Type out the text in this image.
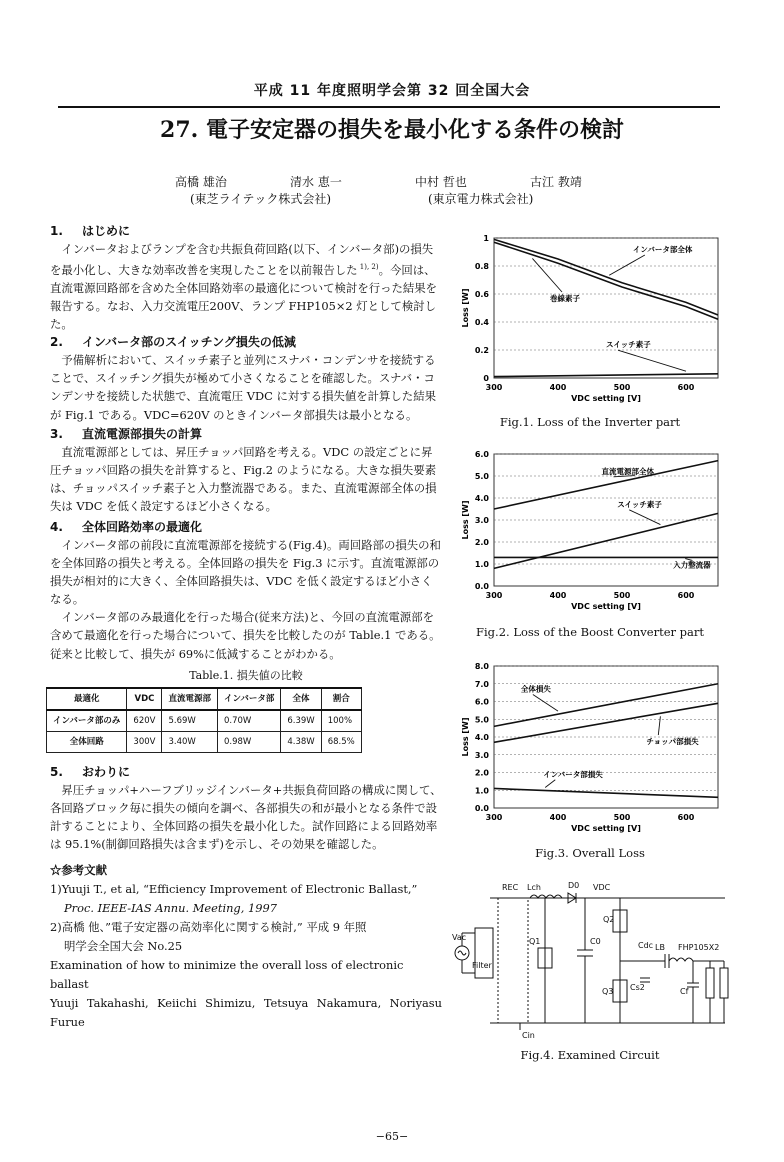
平成 11 年度照明学会第 32 回全国大会
27. 電子安定器の損失を最小化する条件の検討
高橋 雄治	清水 恵一	中村 哲也	古江 教靖
(東芝ライテック株式会社)	(東京電力株式会社)
1. はじめに

インバータおよびランプを含む共振負荷回路(以下、インバータ部)の損失を最小化し、大きな効率改善を実現したことを以前報告した $^{1), 2)}$。今回は、直流電源回路部を含めた全体回路効率の最適化について検討を行った結果を報告する。なお、入力交流電圧200V、ランプ FHP105×2 灯として検討した。

2. インバータ部のスイッチング損失の低減

予備解析において、スイッチ素子と並列にスナバ・コンデンサを接続することで、スイッチング損失が極めて小さくなることを確認した。スナバ・コンデンサを接続した状態で、直流電圧 VDC に対する損失値を計算した結果が Fig.1 である。VDC=620V のときインバータ部損失は最小となる。

3. 直流電源部損失の計算

直流電源部としては、昇圧チョッパ回路を考える。VDC の設定ごとに昇圧チョッパ回路の損失を計算すると、Fig.2 のようになる。大きな損失要素は、チョッパスイッチ素子と入力整流器である。また、直流電源部全体の損失は VDC を低く設定するほど小さくなる。

4. 全体回路効率の最適化

インバータ部の前段に直流電源部を接続する(Fig.4)。両回路部の損失の和を全体回路の損失と考える。全体回路の損失を Fig.3 に示す。直流電源部の損失が相対的に大きく、全体回路損失は、VDC を低く設定するほど小さくなる。

インバータ部のみ最適化を行った場合(従来方法)と、今回の直流電源部を含めて最適化を行った場合について、損失を比較したのが Table.1 である。従来と比較して、損失が 69%に低減することがわかる。

Table.1. 損失値の比較
最適化	VDC	直流電源部	インバータ部	全体	割合
インバータ部のみ	620V	5.69W	0.70W	6.39W	100%
全体回路	300V	3.40W	0.98W	4.38W	68.5%
5. おわりに

昇圧チョッパ+ハーフブリッジインバータ+共振負荷回路の構成に関して、各回路ブロック毎に損失の傾向を調べ、各部損失の和が最小となる条件で設計することにより、全体回路の損失を最小化した。試作回路による回路効率は 95.1%(制御回路損失は含まず)を示し、その効果を確認した。

☆参考文献
1)Yuuji T., et al, “Efficiency Improvement of Electronic Ballast,”
Proc. IEEE-IAS Annu. Meeting, 1997
2)高橋 他、”電子安定器の高効率化に関する検討,” 平成 9 年照
明学会全国大会 No.25
Examination of how to minimize the overall loss of electronic ballast
Yuuji Takahashi, Keiichi Shimizu, Tetsuya Nakamura, Noriyasu Furue
0
0.2
0.4
0.6
0.8
1
300	400	500	600
VDC setting [V]
Loss [W]
インバータ部全体
巻線素子
スイッチ素子
Fig.1. Loss of the Inverter part
0.0
1.0
2.0
3.0
4.0
5.0
6.0
300	400	500	600
VDC setting [V]
Loss [W]
直流電源部全体
スイッチ素子
入力整流器
Fig.2. Loss of the Boost Converter part
0.0
1.0
2.0
3.0
4.0
5.0
6.0
7.0
8.0
300	400	500	600
VDC setting [V]
Loss [W]
全体損失
チョッパ部損失
インバータ部損失
Fig.3. Overall Loss
REC Lch	D0 VDC
Q2
Q1	C0	Cdc LB FHP105X2
Vac
Filter
Q3 Cs2	Cf
Cin
Fig.4. Examined Circuit
−65−
